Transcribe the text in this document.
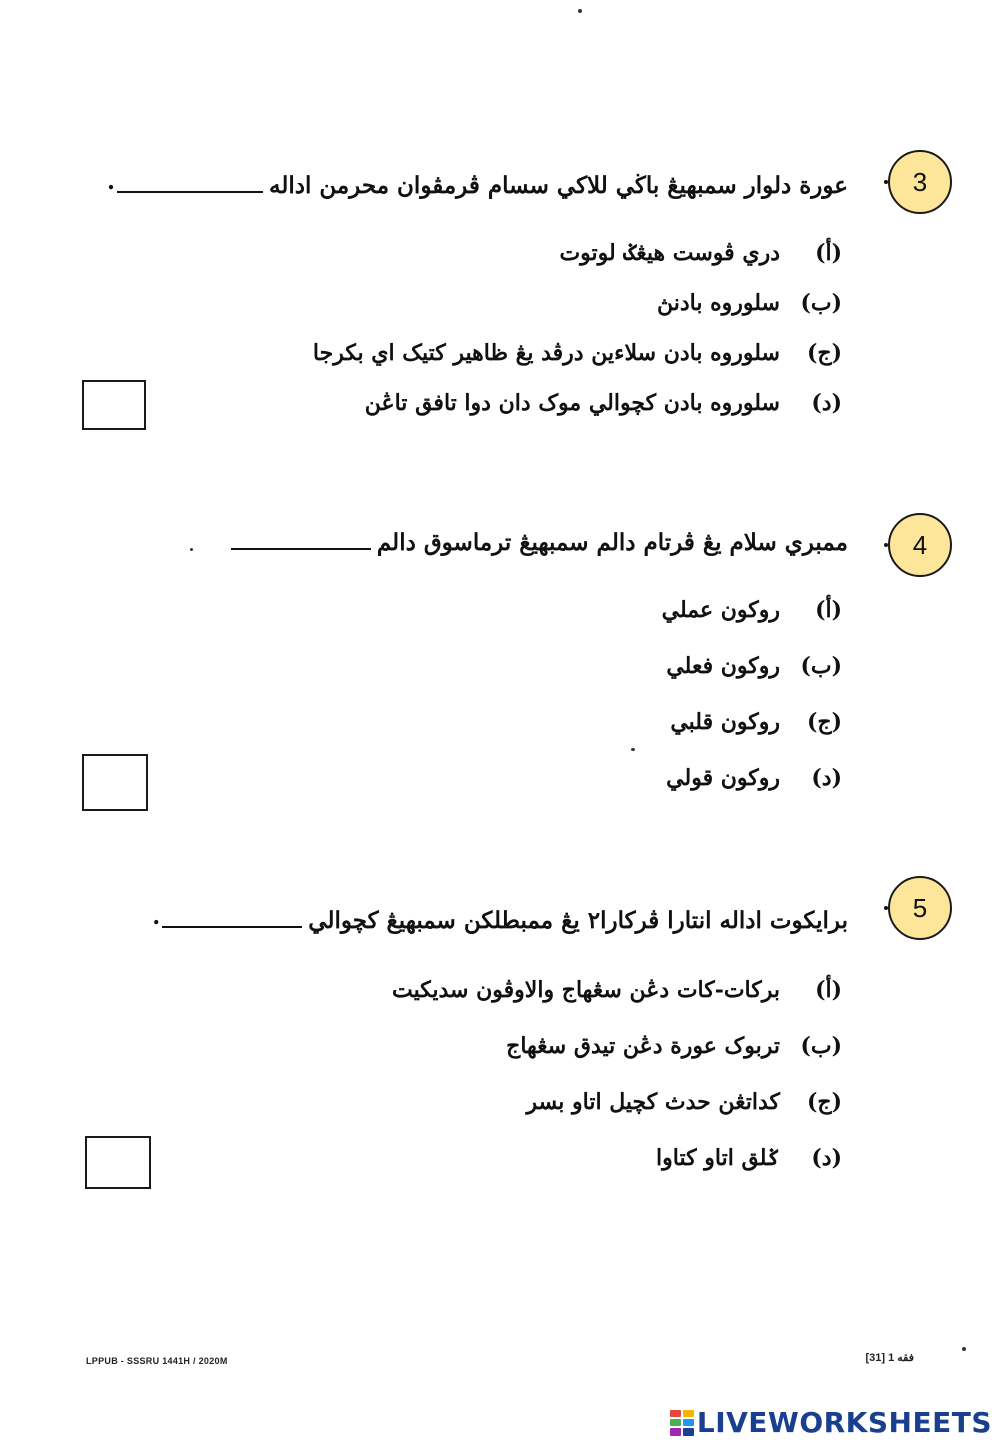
3
عورة دلوار سمبهيڠ باڬي للاکي سسام ڤرمڤوان محرمن اداله
.
(أ)
دري ڤوست هيڠݢ لوتوت
(ب)
سلوروه بادنڽ
(ج)
سلوروه بادن سلاءين درڤد يڠ ظاهير کتيک اي بکرجا
(د)
سلوروه بادن کچوالي موک دان دوا تافق تاڠن
4
ممبري سلام يڠ ڤرتام دالم سمبهيڠ ترماسوق دالم
(أ)
روکون عملي
(ب)
روکون فعلي
(ج)
روکون قلبي
(د)
روکون قولي
5
برايکوت اداله انتارا ڤرکارا٢ يڠ ممبطلکن سمبهيڠ کچوالي
.
(أ)
برکات-کات دڠن سڠهاج والاوڤون سديکيت
(ب)
تربوک عورة دڠن تيدق سڠهاج
(ج)
کداتڠن حدث کچيل اتاو بسر
(د)
ݢلق اتاو کتاوا
LPPUB - SSSRU 1441H / 2020M	فقه 1 [31]
LIVEWORKSHEETS
